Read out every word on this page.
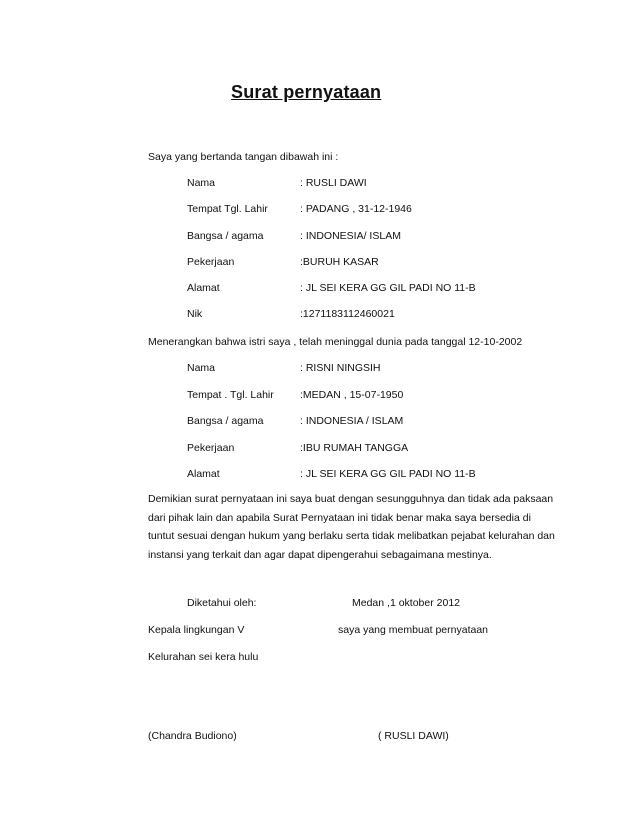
Surat pernyataan
Saya yang bertanda tangan dibawah ini :
Nama	: RUSLI DAWI
Tempat Tgl. Lahir	: PADANG , 31-12-1946
Bangsa / agama	: INDONESIA/ ISLAM
Pekerjaan	:BURUH KASAR
Alamat	: JL SEI KERA GG GIL PADI NO 11-B
Nik	:1271183112460021
Menerangkan bahwa istri saya , telah meninggal dunia pada tanggal 12-10-2002
Nama	: RISNI NINGSIH
Tempat . Tgl. Lahir :MEDAN , 15-07-1950
Bangsa / agama	: INDONESIA / ISLAM
Pekerjaan	:IBU RUMAH TANGGA
Alamat	: JL SEI KERA GG GIL PADI NO 11-B
Demikian surat pernyataan ini saya buat dengan sesungguhnya dan tidak ada paksaan
dari pihak lain dan apabila Surat Pernyataan ini tidak benar maka saya bersedia di
tuntut sesuai dengan hukum yang berlaku serta tidak melibatkan pejabat kelurahan dan
instansi yang terkait dan agar dapat dipengerahui sebagaimana mestinya.
Diketahui oleh:	Medan ,1 oktober 2012
Kepala lingkungan V	saya yang membuat pernyataan
Kelurahan sei kera hulu
(Chandra Budiono)	( RUSLI DAWI)
